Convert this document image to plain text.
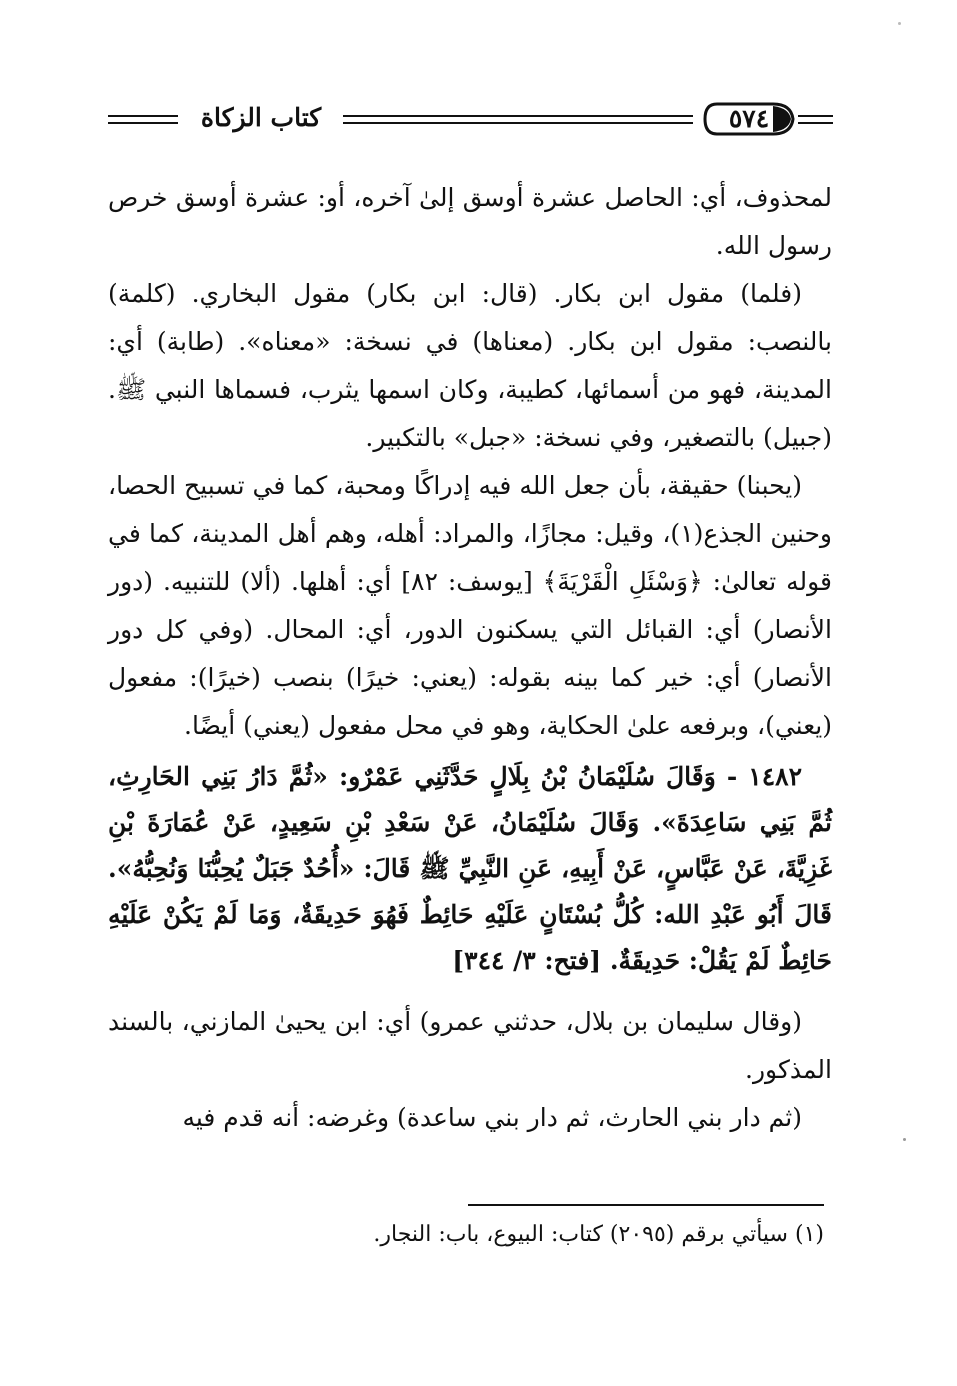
كتاب الزكاة	٥٧٤

لمحذوف، أي: الحاصل عشرة أوسق إلىٰ آخره، أو: عشرة أوسق خرص رسول الله.

(فلما) مقول ابن بكار. (قال: ابن بكار) مقول البخاري. (كلمة) بالنصب: مقول ابن بكار. (معناها) في نسخة: «معناه». (طابة) أي: المدينة، فهو من أسمائها، كطيبة، وكان اسمها يثرب، فسماها النبي ﷺ. (جبيل) بالتصغير، وفي نسخة: «جبل» بالتكبير.

(يحبنا) حقيقة، بأن جعل الله فيه إدراكًا ومحبة، كما في تسبيح الحصا، وحنين الجذع(١)، وقيل: مجازًا، والمراد: أهله، وهم أهل المدينة، كما في قوله تعالىٰ: ﴿وَسْئَلِ الْقَرْيَةَ﴾ [يوسف: ٨٢] أي: أهلها. (ألا) للتنبيه. (دور الأنصار) أي: القبائل التي يسكنون الدور، أي: المحال. (وفي كل دور الأنصار) أي: خير كما بينه بقوله: (يعني: خيرًا) بنصب (خيرًا): مفعول (يعني)، وبرفعه علىٰ الحكاية، وهو في محل مفعول (يعني) أيضًا.

١٤٨٢ - وَقَالَ سُلَيْمَانُ بْنُ بِلَالٍ حَدَّثَنِي عَمْرٌو: «ثُمَّ دَارُ بَنِي الحَارِثِ، ثُمَّ بَنِي سَاعِدَةَ». وَقَالَ سُلَيْمَانُ، عَنْ سَعْدِ بْنِ سَعِيدٍ، عَنْ عُمَارَةَ بْنِ غَزِيَّةَ، عَنْ عَبَّاسٍ، عَنْ أَبِيهِ، عَنِ النَّبِيِّ ﷺ قَالَ: «أُحُدٌ جَبَلٌ يُحِبُّنَا وَنُحِبُّهُ». قَالَ أَبُو عَبْدِ الله: كُلُّ بُسْتَانٍ عَلَيْهِ حَائِطٌ فَهُوَ حَدِيقَةٌ، وَمَا لَمْ يَكُنْ عَلَيْهِ حَائِطٌ لَمْ يَقُلْ: حَدِيقَةٌ. [فتح: ٣/ ٣٤٤]

(وقال سليمان بن بلال، حدثني عمرو) أي: ابن يحيىٰ المازني، بالسند المذكور.

(ثم دار بني الحارث، ثم دار بني ساعدة) وغرضه: أنه قدم فيه

(١) سيأتي برقم (٢٠٩٥) كتاب: البيوع، باب: النجار.
